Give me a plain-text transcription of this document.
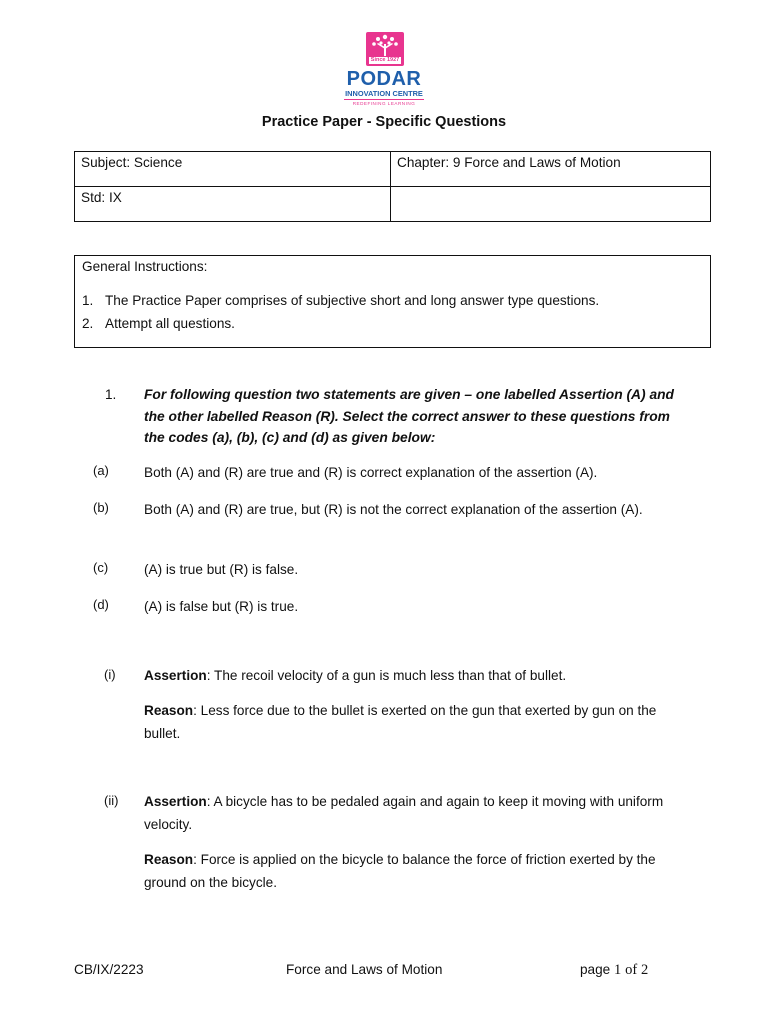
Since 1927
PODAR
INNOVATION CENTRE
REDEFINING LEARNING
Practice Paper - Specific Questions
Subject: Science	Chapter: 9 Force and Laws of Motion
Std: IX	
General Instructions:
1. The Practice Paper comprises of subjective short and long answer type questions.
2. Attempt all questions.
1. For following question two statements are given – one labelled Assertion (A) and the other labelled Reason (R). Select the correct answer to these questions from the codes (a), (b), (c) and (d) as given below:
(a)	Both (A) and (R) are true and (R) is correct explanation of the assertion (A).
(b)	Both (A) and (R) are true, but (R) is not the correct explanation of the assertion (A).
(c)	(A) is true but (R) is false.
(d)	(A) is false but (R) is true.
(i) Assertion: The recoil velocity of a gun is much less than that of bullet.
Reason: Less force due to the bullet is exerted on the gun that exerted by gun on the bullet.
(ii) Assertion: A bicycle has to be pedaled again and again to keep it moving with uniform velocity.
Reason: Force is applied on the bicycle to balance the force of friction exerted by the ground on the bicycle.
CB/IX/2223	Force and Laws of Motion	page 1 of 2
